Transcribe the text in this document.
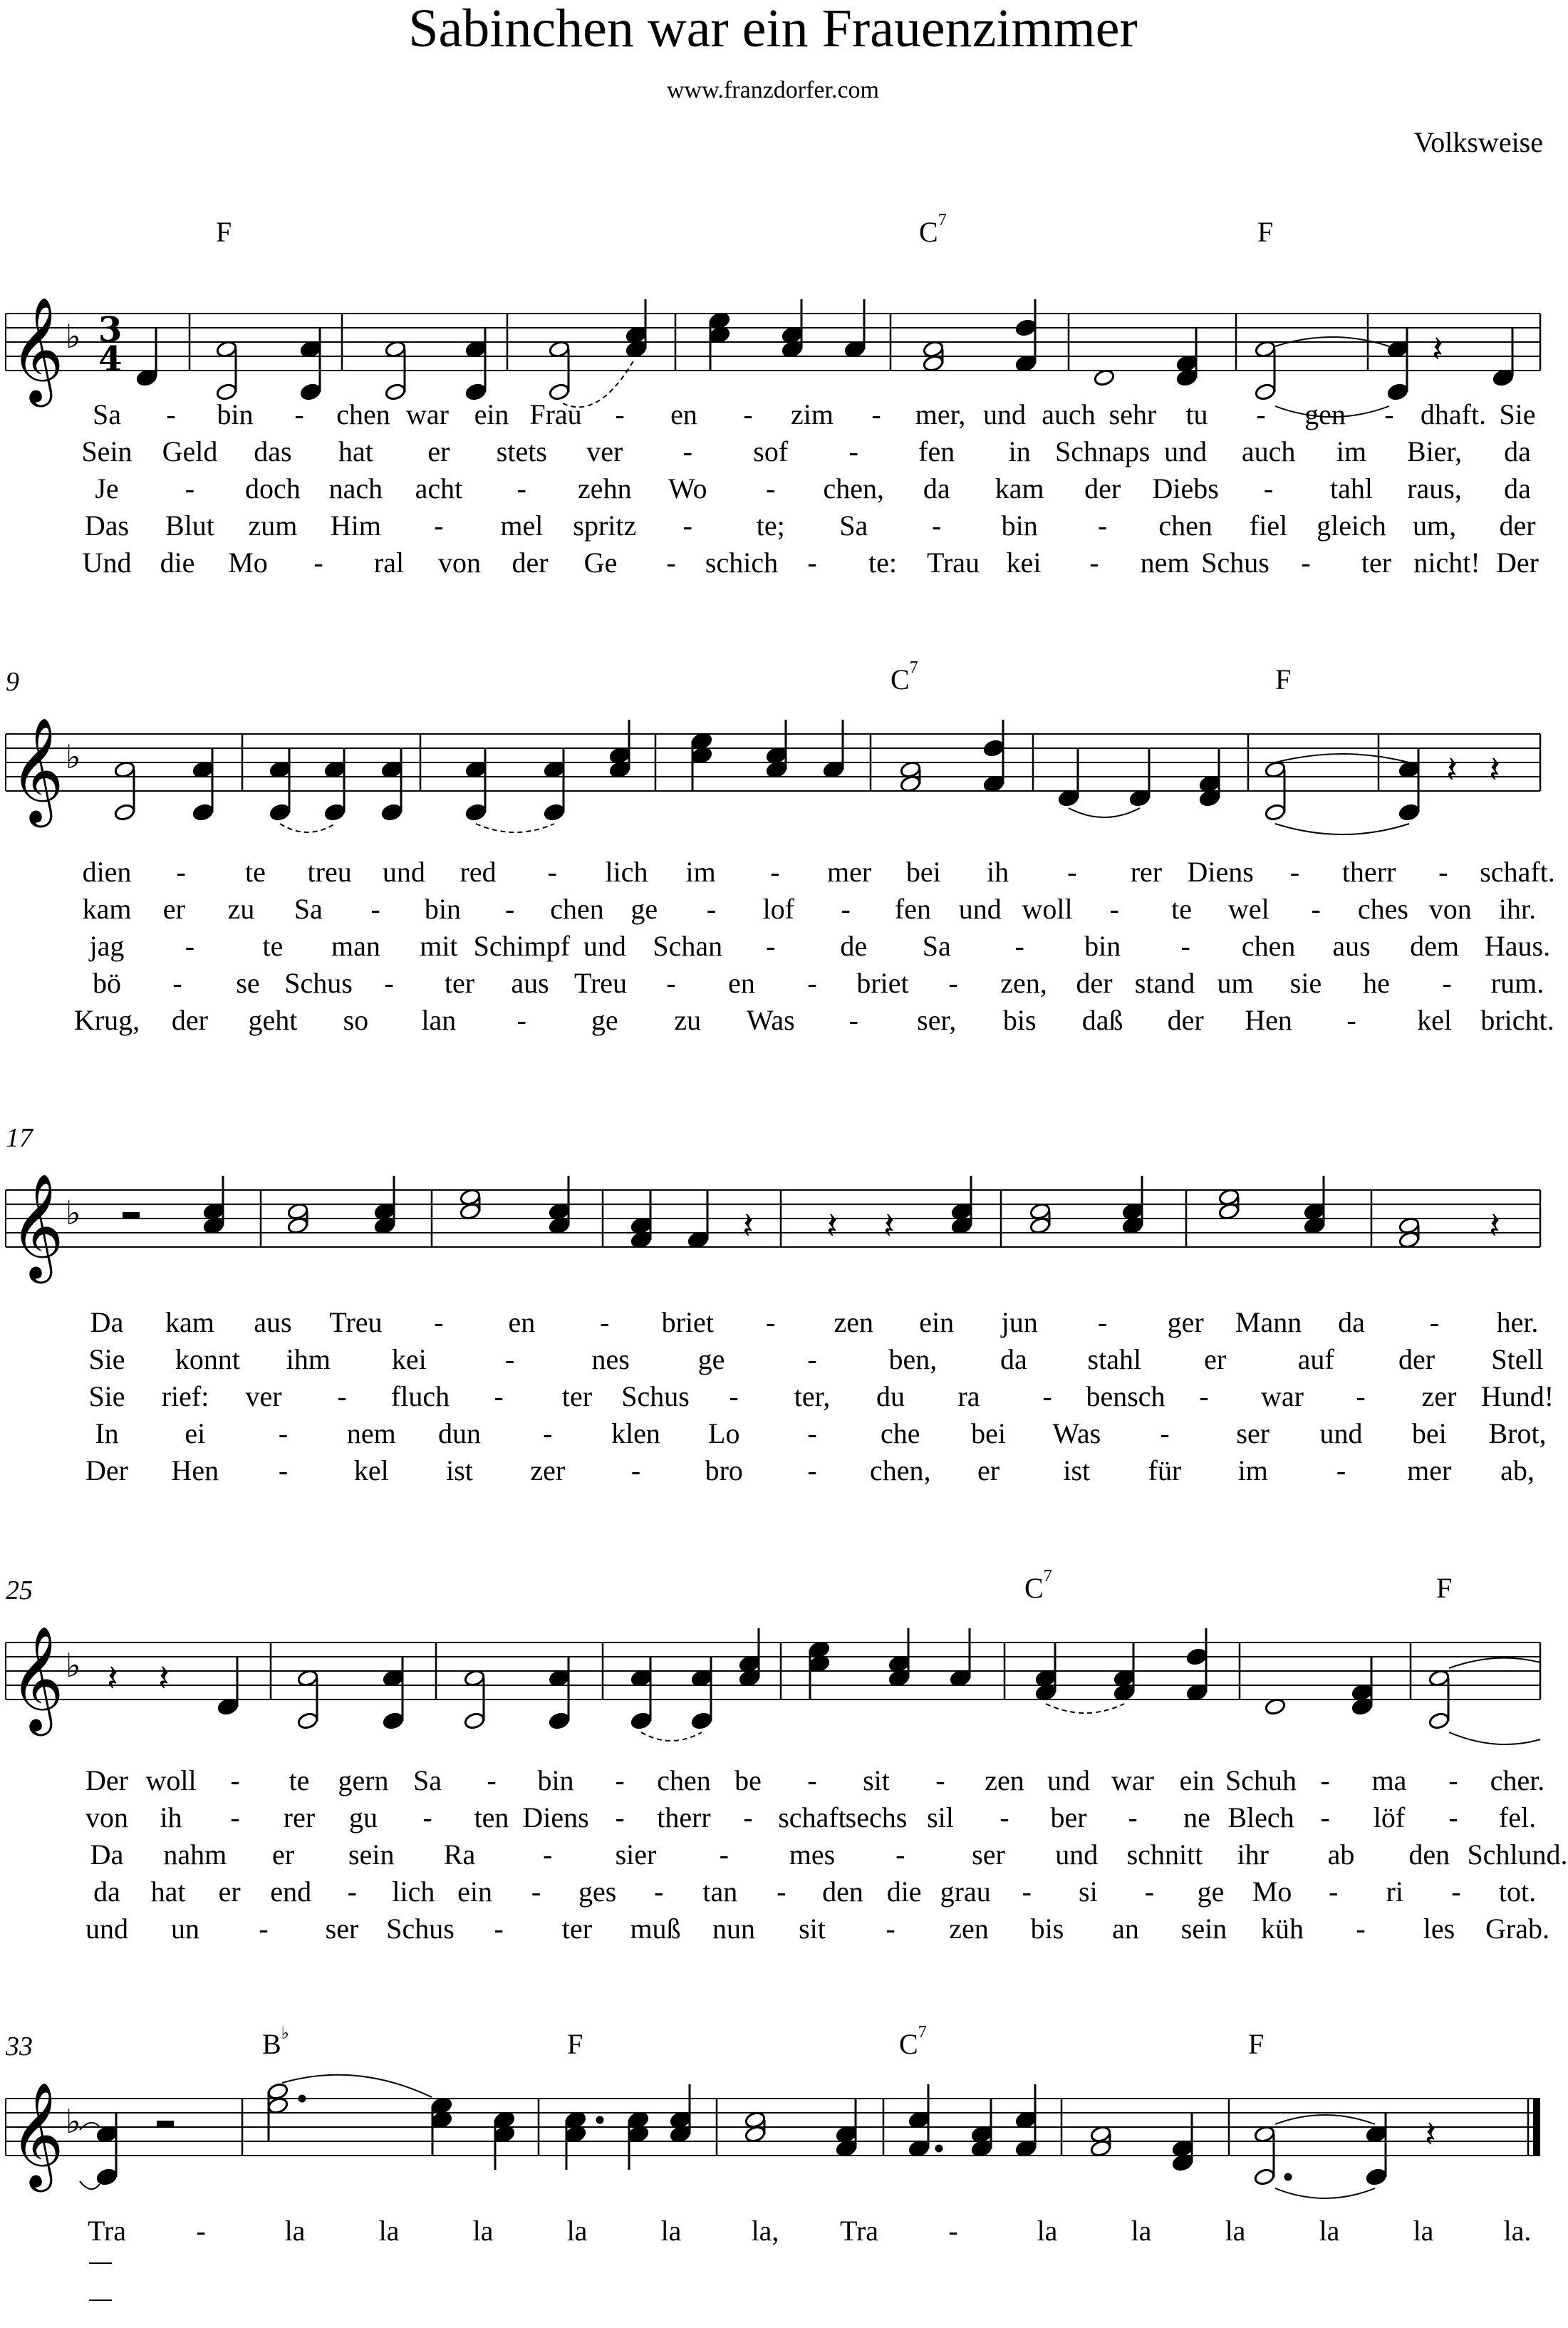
Sabinchen war ein Frauenzimmer
www.franzdorfer.com
Volksweise
F	$C^7$	F
𝄞 ♭ 3
4	𝄽
Sa - bin - chen war ein Frau - en - zim - mer, und auch sehr tu - gen - dhaft. Sie
Sein Geld das hat er stets ver - sof - fen in Schnaps und auch im Bier, da
Je - doch nach acht - zehn Wo - chen, da kam der Diebs - tahl raus, da
Das Blut zum Him - mel spritz - te; Sa - bin - chen fiel gleich um, der
Und die Mo - ral von der Ge - schich - te: Trau kei - nem Schus - ter nicht! Der
9	$C^7$	F
𝄞 ♭	𝄽 𝄽
dien - te treu und red - lich im - mer bei ih - rer Diens - therr - schaft.
kam er zu Sa - bin - chen ge - lof - fen und woll - te wel - ches von ihr.
jag - te man mit Schimpf und Schan - de Sa - bin - chen aus dem Haus.
bö - se Schus - ter aus Treu - en - briet - zen, der stand um sie he - rum.
Krug, der geht so lan - ge zu Was - ser, bis daß der Hen - kel bricht.
17
𝄞 ♭	𝄽 𝄽 𝄽	𝄽
Da kam aus Treu - en - briet - zen ein jun - ger Mann da - her.
Sie konnt ihm kei	-	nes ge	-	ben, da stahl er	auf der Stell
Sie rief: ver - fluch - ter Schus - ter, du ra - bensch - war - zer Hund!
In ei	- nem dun - klen Lo - che bei Was - ser und bei Brot,
Der Hen - kel ist zer - bro - chen, er ist für im - mer ab,
25	$C^7$	F
𝄞 ♭ 𝄽 𝄽
Der woll - te gern Sa - bin - chen be - sit - zen und war ein Schuh - ma - cher.
von ih - rer gu - ten Diens - therr - schaft
sechs sil - ber - ne Blech - löf - fel.
Da nahm er sein Ra - sier - mes - ser und schnitt ihr ab den Schlund.
da hat er end - lich ein - ges - tan - den die grau - si - ge Mo - ri - tot.
und un - ser Schus - ter muß nun sit - zen bis an sein küh - les Grab.
33	B♭	F	$C^7$	F
𝄞 ♭	𝄽
Tra -	la	la	la	la	la la, Tra -	la	la	la	la	la la.
